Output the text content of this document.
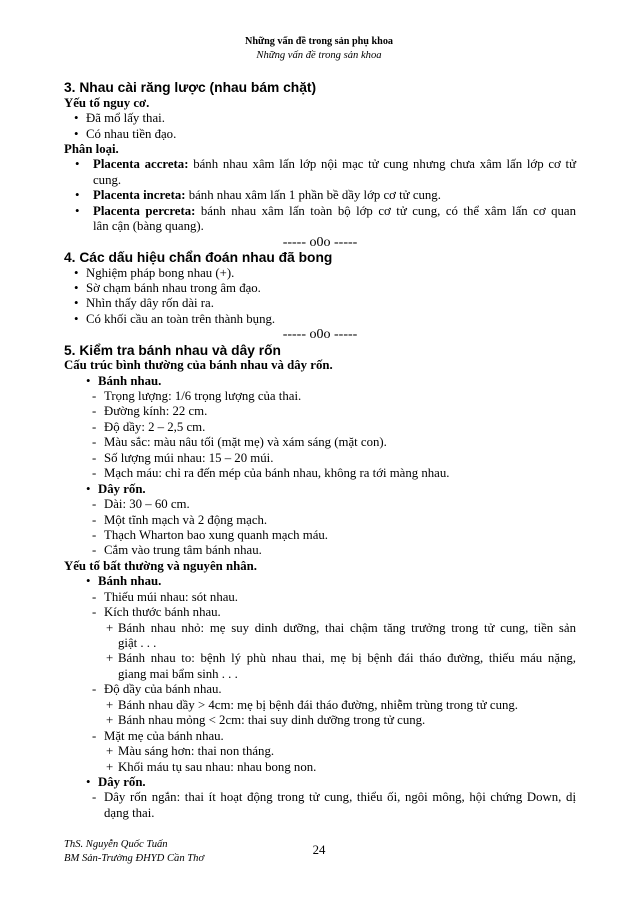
Những vấn đề trong sản phụ khoa
Những vấn đề trong sản khoa
3. Nhau cài răng lược (nhau bám chặt)
Yếu tố nguy cơ.
• Đã mổ lấy thai.
• Có nhau tiền đạo.
Phân loại.
• Placenta accreta: bánh nhau xâm lấn lớp nội mạc tử cung nhưng chưa xâm lấn lớp cơ tử
cung.
• Placenta increta: bánh nhau xâm lấn 1 phần bề dầy lớp cơ tử cung.
• Placenta percreta: bánh nhau xâm lấn toàn bộ lớp cơ tử cung, có thể xâm lấn cơ quan
lân cận (bàng quang).
----- o0o -----
4. Các dấu hiệu chẩn đoán nhau đã bong
• Nghiệm pháp bong nhau (+).
• Sờ chạm bánh nhau trong âm đạo.
• Nhìn thấy dây rốn dài ra.
• Có khối cầu an toàn trên thành bụng.
----- o0o -----
5. Kiểm tra bánh nhau và dây rốn
Cấu trúc bình thường của bánh nhau và dây rốn.
• Bánh nhau.
- Trọng lượng: 1/6 trọng lượng của thai.
- Đường kính: 22 cm.
- Độ dầy: 2 – 2,5 cm.
- Màu sắc: màu nâu tối (mặt mẹ) và xám sáng (mặt con).
- Số lượng múi nhau: 15 – 20 múi.
- Mạch máu: chỉ ra đến mép của bánh nhau, không ra tới màng nhau.
• Dây rốn.
- Dài: 30 – 60 cm.
- Một tĩnh mạch và 2 động mạch.
- Thạch Wharton bao xung quanh mạch máu.
- Cắm vào trung tâm bánh nhau.
Yếu tố bất thường và nguyên nhân.
• Bánh nhau.
- Thiếu múi nhau: sót nhau.
- Kích thước bánh nhau.
+ Bánh nhau nhỏ: mẹ suy dinh dưỡng, thai chậm tăng trưởng trong tử cung, tiền sản
giật . . .
+ Bánh nhau to: bệnh lý phù nhau thai, mẹ bị bệnh đái tháo đường, thiếu máu nặng,
giang mai bẩm sinh . . .
- Độ dầy của bánh nhau.
+ Bánh nhau dầy > 4cm: mẹ bị bệnh đái tháo đường, nhiễm trùng trong tử cung.
+ Bánh nhau mỏng < 2cm: thai suy dinh dưỡng trong tử cung.
- Mặt mẹ của bánh nhau.
+ Màu sáng hơn: thai non tháng.
+ Khối máu tụ sau nhau: nhau bong non.
• Dây rốn.
- Dây rốn ngắn: thai ít hoạt động trong tử cung, thiểu ối, ngôi mông, hội chứng Down, dị
dạng thai.
ThS. Nguyễn Quốc Tuấn
BM Sản-Trường ĐHYD Cần Thơ
24
